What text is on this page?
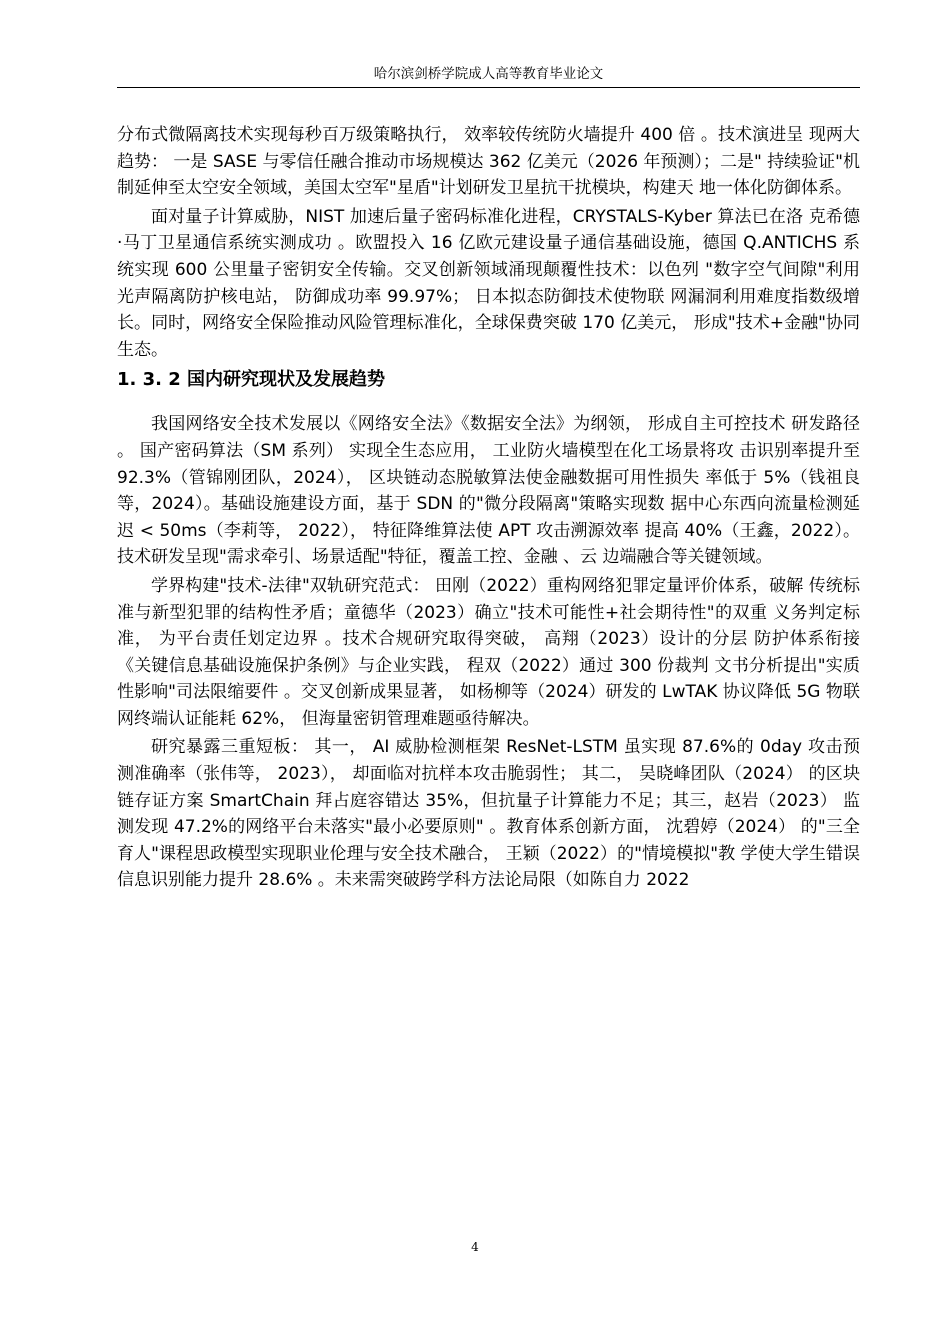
哈尔滨剑桥学院成人高等教育毕业论文

分布式微隔离技术实现每秒百万级策略执行， 效率较传统防火墙提升 400 倍 。技术演进呈 现两大趋势： 一是 SASE 与零信任融合推动市场规模达 362 亿美元（2026 年预测）；二是" 持续验证"机制延伸至太空安全领域，美国太空军"星盾"计划研发卫星抗干扰模块，构建天 地一体化防御体系。

面对量子计算威胁，NIST 加速后量子密码标准化进程，CRYSTALS-Kyber 算法已在洛 克希德 ·马丁卫星通信系统实测成功 。欧盟投入 16 亿欧元建设量子通信基础设施，德国 Q.ANTICHS 系统实现 600 公里量子密钥安全传输。交叉创新领域涌现颠覆性技术：以色列 "数字空气间隙"利用光声隔离防护核电站， 防御成功率 99.97%； 日本拟态防御技术使物联 网漏洞利用难度指数级增长。同时，网络安全保险推动风险管理标准化，全球保费突破 170 亿美元， 形成"技术+金融"协同生态。

1. 3. 2 国内研究现状及发展趋势

我国网络安全技术发展以《网络安全法》《数据安全法》为纲领， 形成自主可控技术 研发路径 。 国产密码算法（SM 系列） 实现全生态应用， 工业防火墙模型在化工场景将攻 击识别率提升至 92.3%（管锦刚团队，2024）， 区块链动态脱敏算法使金融数据可用性损失 率低于 5%（钱祖良等，2024）。基础设施建设方面，基于 SDN 的"微分段隔离"策略实现数 据中心东西向流量检测延迟 < 50ms（李莉等， 2022）， 特征降维算法使 APT 攻击溯源效率 提高 40%（王鑫，2022）。技术研发呈现"需求牵引、场景适配"特征，覆盖工控、金融 、云 边端融合等关键领域。

学界构建"技术-法律"双轨研究范式： 田刚（2022）重构网络犯罪定量评价体系，破解 传统标准与新型犯罪的结构性矛盾；童德华（2023）确立"技术可能性+社会期待性"的双重 义务判定标准， 为平台责任划定边界 。技术合规研究取得突破， 高翔（2023）设计的分层 防护体系衔接《关键信息基础设施保护条例》与企业实践， 程双（2022）通过 300 份裁判 文书分析提出"实质性影响"司法限缩要件 。交叉创新成果显著， 如杨柳等（2024）研发的 LwTAK 协议降低 5G 物联网终端认证能耗 62%， 但海量密钥管理难题亟待解决。

研究暴露三重短板： 其一， AI 威胁检测框架 ResNet-LSTM 虽实现 87.6%的 0day 攻击预测准确率（张伟等， 2023）， 却面临对抗样本攻击脆弱性； 其二， 吴晓峰团队（2024） 的区块链存证方案 SmartChain 拜占庭容错达 35%，但抗量子计算能力不足；其三，赵岩（2023） 监测发现 47.2%的网络平台未落实"最小必要原则" 。教育体系创新方面， 沈碧婷（2024） 的"三全育人"课程思政模型实现职业伦理与安全技术融合， 王颖（2022）的"情境模拟"教 学使大学生错误信息识别能力提升 28.6% 。未来需突破跨学科方法论局限（如陈自力 2022

4
